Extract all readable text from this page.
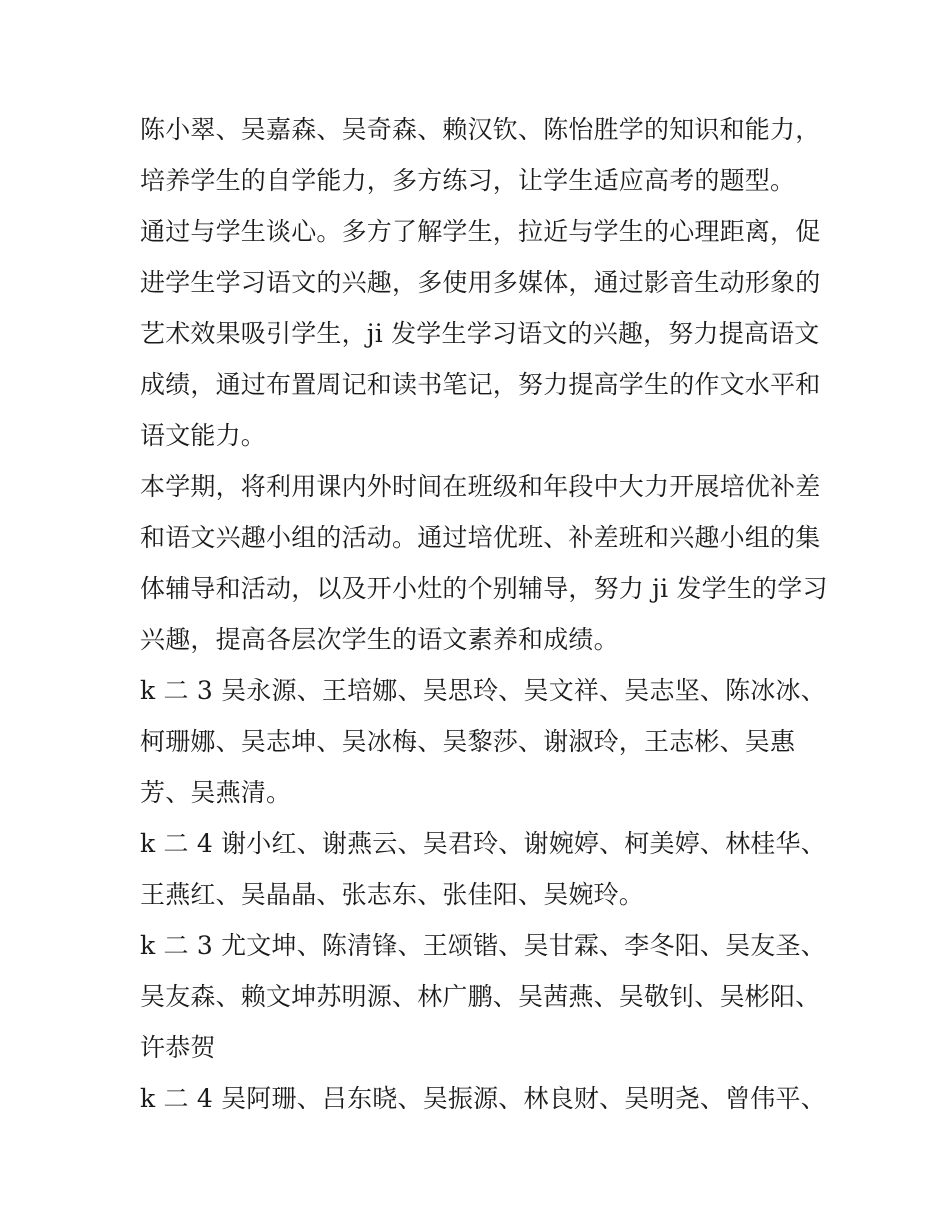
陈小翠、吴嘉森、吴奇森、赖汉钦、陈怡胜学的知识和能力，
培养学生的自学能力，多方练习，让学生适应高考的题型。
通过与学生谈心。多方了解学生，拉近与学生的心理距离，促
进学生学习语文的兴趣，多使用多媒体，通过影音生动形象的
艺术效果吸引学生，ji 发学生学习语文的兴趣，努力提高语文
成绩，通过布置周记和读书笔记，努力提高学生的作文水平和
语文能力。
本学期，将利用课内外时间在班级和年段中大力开展培优补差
和语文兴趣小组的活动。通过培优班、补差班和兴趣小组的集
体辅导和活动，以及开小灶的个别辅导，努力 ji 发学生的学习
兴趣，提高各层次学生的语文素养和成绩。
k 二 3 吴永源、王培娜、吴思玲、吴文祥、吴志坚、陈冰冰、
柯珊娜、吴志坤、吴冰梅、吴黎莎、谢淑玲，王志彬、吴惠
芳、吴燕清。
k 二 4 谢小红、谢燕云、吴君玲、谢婉婷、柯美婷、林桂华、
王燕红、吴晶晶、张志东、张佳阳、吴婉玲。
k 二 3 尤文坤、陈清锋、王颂锴、吴甘霖、李冬阳、吴友圣、
吴友森、赖文坤苏明源、林广鹏、吴茜燕、吴敬钊、吴彬阳、
许恭贺
k 二 4 吴阿珊、吕东晓、吴振源、林良财、吴明尧、曾伟平、
